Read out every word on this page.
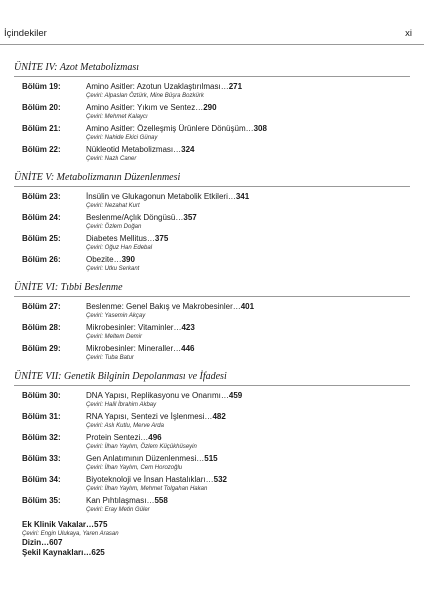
İçindekiler	xi
ÜNİTE IV: Azot Metabolizması
Bölüm 19:	Amino Asitler: Azotun Uzaklaştırılması…271
Çeviri: Alpaslan Öztürk, Mine Büşra Bozkürk
Bölüm 20:	Amino Asitler: Yıkım ve Sentez…290
Çeviri: Mehmet Kalaycı
Bölüm 21:	Amino Asitler: Özelleşmiş Ürünlere Dönüşüm…308
Çeviri: Nahide Ekici Günay
Bölüm 22:	Nükleotid Metabolizması…324
Çeviri: Nazlı Caner
ÜNİTE V: Metabolizmanın Düzenlenmesi
Bölüm 23:	İnsülin ve Glukagonun Metabolik Etkileri…341
Çeviri: Nezahat Kurt
Bölüm 24:	Beslenme/Açlık Döngüsü…357
Çeviri: Özlem Doğan
Bölüm 25:	Diabetes Mellitus…375
Çeviri: Oğuz Han Edebal
Bölüm 26:	Obezite…390
Çeviri: Utku Serkant
ÜNİTE VI: Tıbbi Beslenme
Bölüm 27:	Beslenme: Genel Bakış ve Makrobesinler…401
Çeviri: Yasemin Akçay
Bölüm 28:	Mikrobesinler: Vitaminler…423
Çeviri: Meltem Demir
Bölüm 29:	Mikrobesinler: Mineraller…446
Çeviri: Tuba Batur
ÜNİTE VII: Genetik Bilginin Depolanması ve İfadesi
Bölüm 30:	DNA Yapısı, Replikasyonu ve Onarımı…459
Çeviri: Halil İbrahim Akbay
Bölüm 31:	RNA Yapısı, Sentezi ve İşlenmesi…482
Çeviri: Aslı Kutlu, Merve Arda
Bölüm 32:	Protein Sentezi…496
Çeviri: İlhan Yaylım, Özlem Küçükhüseyin
Bölüm 33:	Gen Anlatımının Düzenlenmesi…515
Çeviri: İlhan Yaylım, Cem Horozoğlu
Bölüm 34:	Biyoteknoloji ve İnsan Hastalıkları…532
Çeviri: İlhan Yaylım, Mehmet Tolgahan Hakan
Bölüm 35:	Kan Pıhtılaşması…558
Çeviri: Eray Metin Güler
Ek Klinik Vakalar…575
Çeviri: Engin Ulukaya, Yaren Arasan
Dizin…607
Şekil Kaynakları…625
